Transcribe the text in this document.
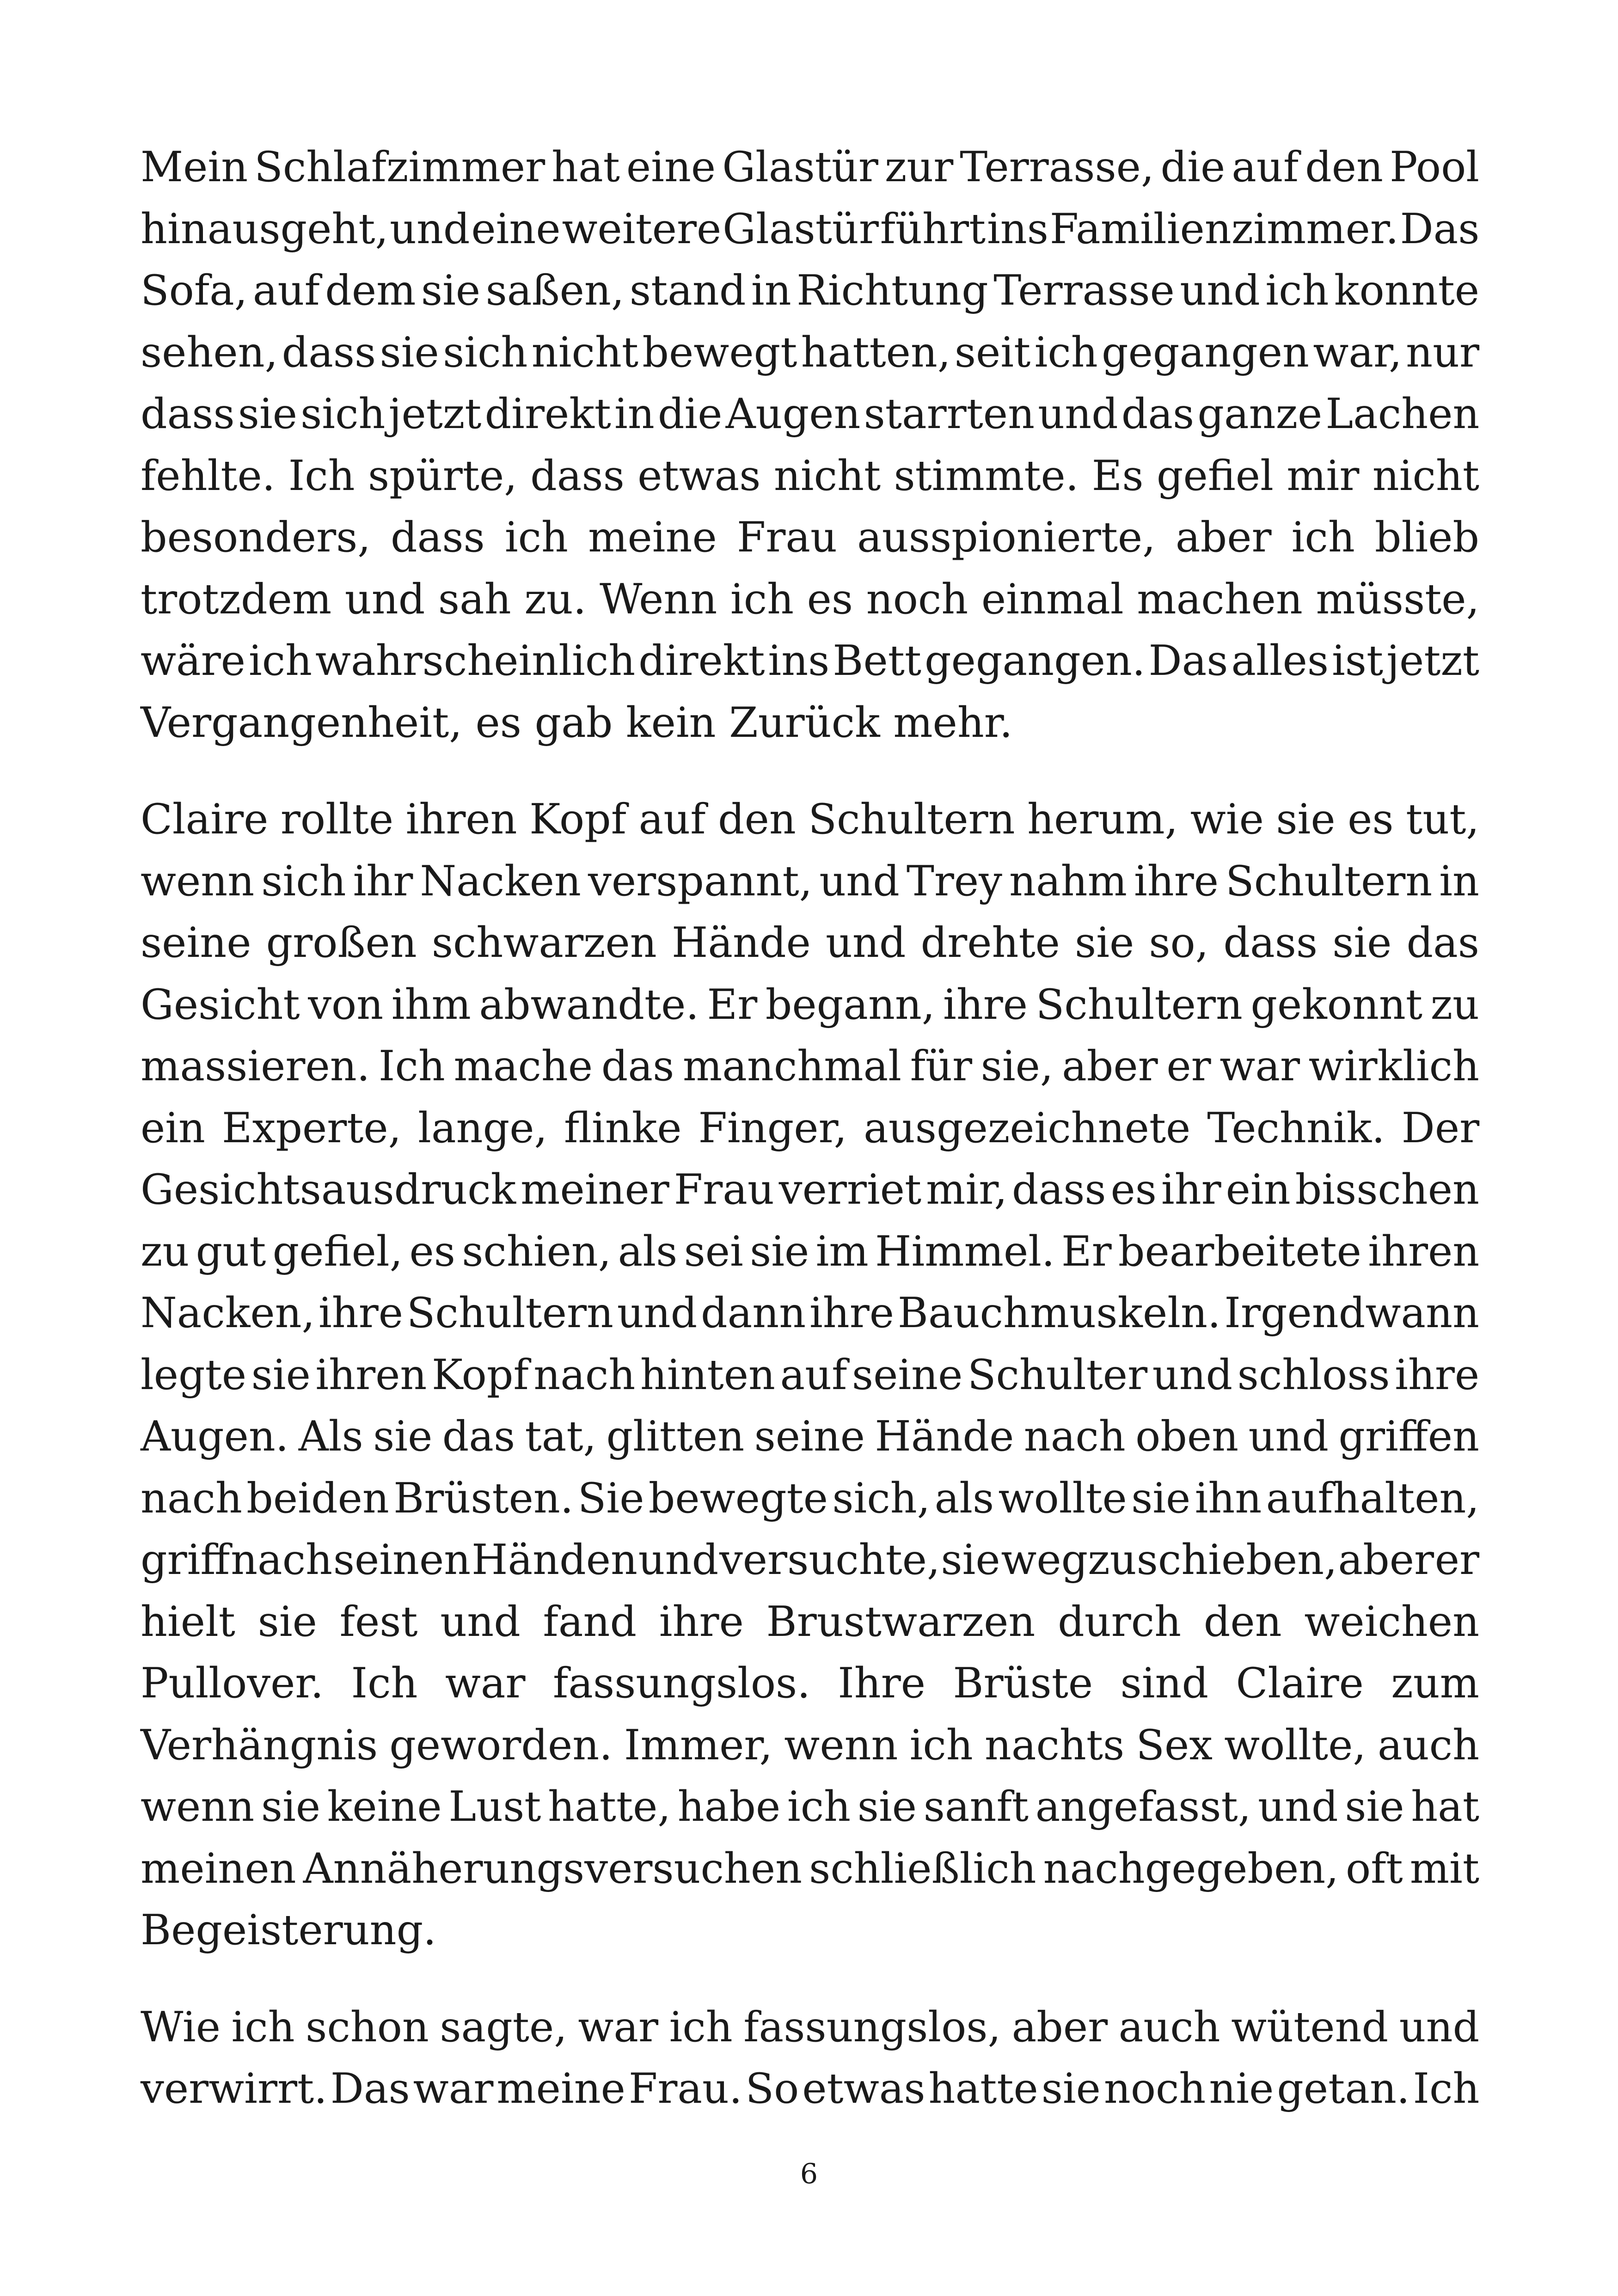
Mein Schlafzimmer hat eine Glastür zur Terrasse, die auf den Pool
hinausgeht, und eine weitere Glastür führt ins Familienzimmer. Das
Sofa, auf dem sie saßen, stand in Richtung Terrasse und ich konnte
sehen, dass sie sich nicht bewegt hatten, seit ich gegangen war, nur
dass sie sich jetzt direkt in die Augen starrten und das ganze Lachen
fehlte. Ich spürte, dass etwas nicht stimmte. Es gefiel mir nicht
besonders, dass ich meine Frau ausspionierte, aber ich blieb
trotzdem und sah zu. Wenn ich es noch einmal machen müsste,
wäre ich wahrscheinlich direkt ins Bett gegangen. Das alles ist jetzt
Vergangenheit, es gab kein Zurück mehr.
Claire rollte ihren Kopf auf den Schultern herum, wie sie es tut,
wenn sich ihr Nacken verspannt, und Trey nahm ihre Schultern in
seine großen schwarzen Hände und drehte sie so, dass sie das
Gesicht von ihm abwandte. Er begann, ihre Schultern gekonnt zu
massieren. Ich mache das manchmal für sie, aber er war wirklich
ein Experte, lange, flinke Finger, ausgezeichnete Technik. Der
Gesichtsausdruck meiner Frau verriet mir, dass es ihr ein bisschen
zu gut gefiel, es schien, als sei sie im Himmel. Er bearbeitete ihren
Nacken, ihre Schultern und dann ihre Bauchmuskeln. Irgendwann
legte sie ihren Kopf nach hinten auf seine Schulter und schloss ihre
Augen. Als sie das tat, glitten seine Hände nach oben und griffen
nach beiden Brüsten. Sie bewegte sich, als wollte sie ihn aufhalten,
griff nach seinen Händen und versuchte, sie wegzuschieben, aber er
hielt sie fest und fand ihre Brustwarzen durch den weichen
Pullover. Ich war fassungslos. Ihre Brüste sind Claire zum
Verhängnis geworden. Immer, wenn ich nachts Sex wollte, auch
wenn sie keine Lust hatte, habe ich sie sanft angefasst, und sie hat
meinen Annäherungsversuchen schließlich nachgegeben, oft mit
Begeisterung.
Wie ich schon sagte, war ich fassungslos, aber auch wütend und
verwirrt. Das war meine Frau. So etwas hatte sie noch nie getan. Ich
6
